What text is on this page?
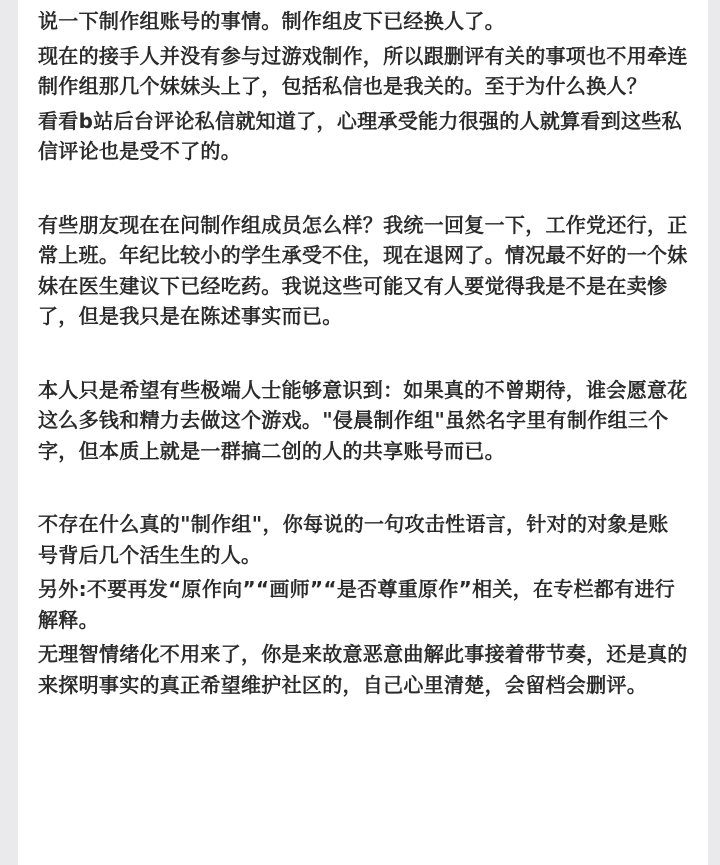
说一下制作组账号的事情。制作组皮下已经换人了。

现在的接手人并没有参与过游戏制作，所以跟删评有关的事项也不用牵连制作组那几个妹妹头上了，包括私信也是我关的。至于为什么换人？

看看b站后台评论私信就知道了，心理承受能力很强的人就算看到这些私信评论也是受不了的。

有些朋友现在在问制作组成员怎么样？我统一回复一下，工作党还行，正常上班。年纪比较小的学生承受不住，现在退网了。情况最不好的一个妹妹在医生建议下已经吃药。我说这些可能又有人要觉得我是不是在卖惨了，但是我只是在陈述事实而已。

本人只是希望有些极端人士能够意识到：如果真的不曾期待，谁会愿意花这么多钱和精力去做这个游戏。"侵晨制作组"虽然名字里有制作组三个字，但本质上就是一群搞二创的人的共享账号而已。

不存在什么真的"制作组"，你每说的一句攻击性语言，针对的对象是账号背后几个活生生的人。

另外:不要再发“原作向”“画师”“是否尊重原作”相关，在专栏都有进行解释。

无理智情绪化不用来了，你是来故意恶意曲解此事接着带节奏，还是真的来探明事实的真正希望维护社区的，自己心里清楚，会留档会删评。
